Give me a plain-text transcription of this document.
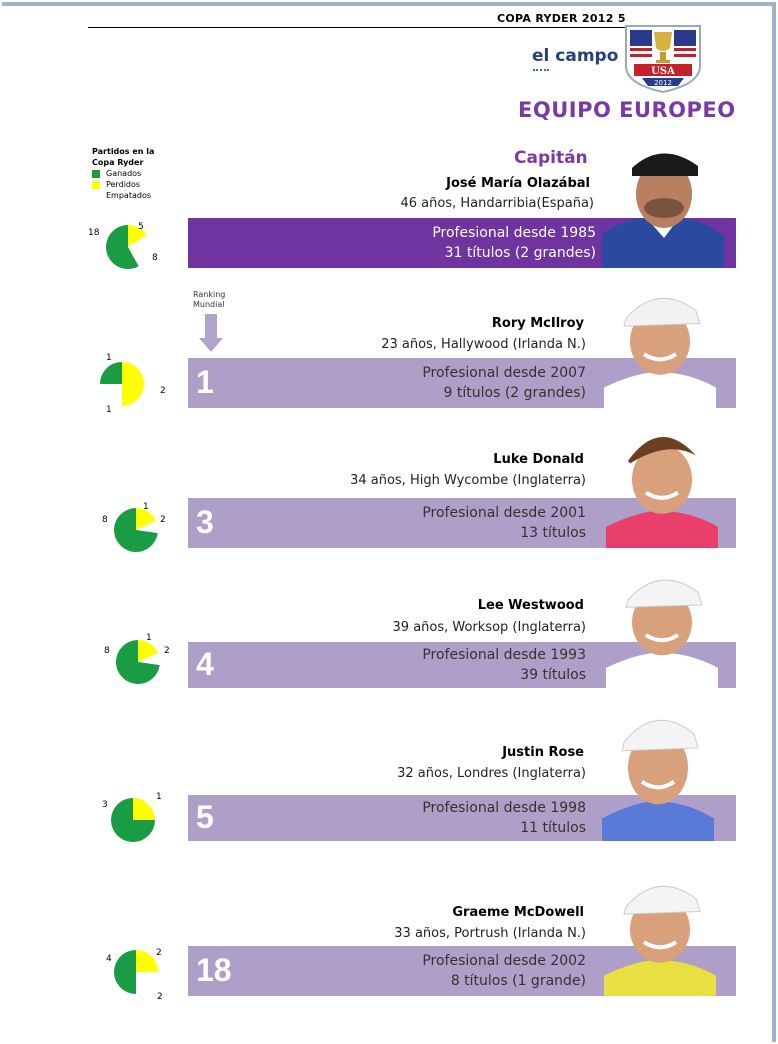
COPA RYDER 2012 5
el campo
USA
2012
EQUIPO EUROPEO
Partidos en la Copa Ryder
Ganados
Perdidos
Empatados
Capitán
José María Olazábal
46 años, Handarribia(España)
Profesional desde 1985
31 títulos (2 grandes)
Ranking Mundial
Rory McIlroy
23 años, Hallywood (Irlanda N.)
1	Profesional desde 2007
9 títulos (2 grandes)
Luke Donald
34 años, High Wycombe (Inglaterra)
3	Profesional desde 2001
13 títulos
Lee Westwood
39 años, Worksop (Inglaterra)
4	Profesional desde 1993
39 títulos
Justin Rose
32 años, Londres (Inglaterra)
5	Profesional desde 1998
11 títulos
Graeme McDowell
33 años, Portrush (Irlanda N.)
18	Profesional desde 2002
8 títulos (1 grande)
18
5
8
1
2
1
8	2
1
8	2
1
3
1
4
2
2
